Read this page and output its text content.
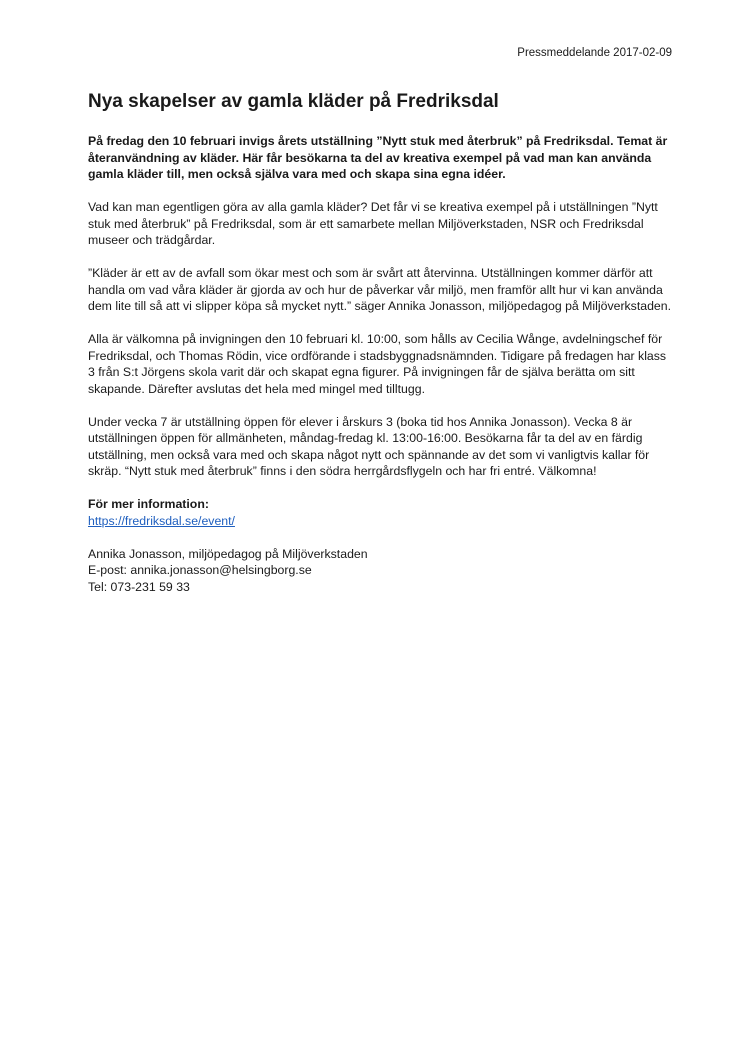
Pressmeddelande 2017-02-09
Nya skapelser av gamla kläder på Fredriksdal

På fredag den 10 februari invigs årets utställning ”Nytt stuk med återbruk” på Fredriksdal. Temat är återanvändning av kläder. Här får besökarna ta del av kreativa exempel på vad man kan använda gamla kläder till, men också själva vara med och skapa sina egna idéer.

Vad kan man egentligen göra av alla gamla kläder? Det får vi se kreativa exempel på i utställningen ”Nytt stuk med återbruk” på Fredriksdal, som är ett samarbete mellan Miljöverkstaden, NSR och Fredriksdal museer och trädgårdar.

”Kläder är ett av de avfall som ökar mest och som är svårt att återvinna. Utställningen kommer därför att handla om vad våra kläder är gjorda av och hur de påverkar vår miljö, men framför allt hur vi kan använda dem lite till så att vi slipper köpa så mycket nytt.” säger Annika Jonasson, miljöpedagog på Miljöverkstaden.

Alla är välkomna på invigningen den 10 februari kl. 10:00, som hålls av Cecilia Wånge, avdelningschef för Fredriksdal, och Thomas Rödin, vice ordförande i stadsbyggnadsnämnden. Tidigare på fredagen har klass 3 från S:t Jörgens skola varit där och skapat egna figurer. På invigningen får de själva berätta om sitt skapande. Därefter avslutas det hela med mingel med tilltugg.

Under vecka 7 är utställning öppen för elever i årskurs 3 (boka tid hos Annika Jonasson). Vecka 8 är utställningen öppen för allmänheten, måndag-fredag kl. 13:00-16:00. Besökarna får ta del av en färdig utställning, men också vara med och skapa något nytt och spännande av det som vi vanligtvis kallar för skräp. “Nytt stuk med återbruk” finns i den södra herrgårdsflygeln och har fri entré. Välkomna!

För mer information:

https://fredriksdal.se/event/

Annika Jonasson, miljöpedagog på Miljöverkstaden

E-post: annika.jonasson@helsingborg.se

Tel: 073-231 59 33
